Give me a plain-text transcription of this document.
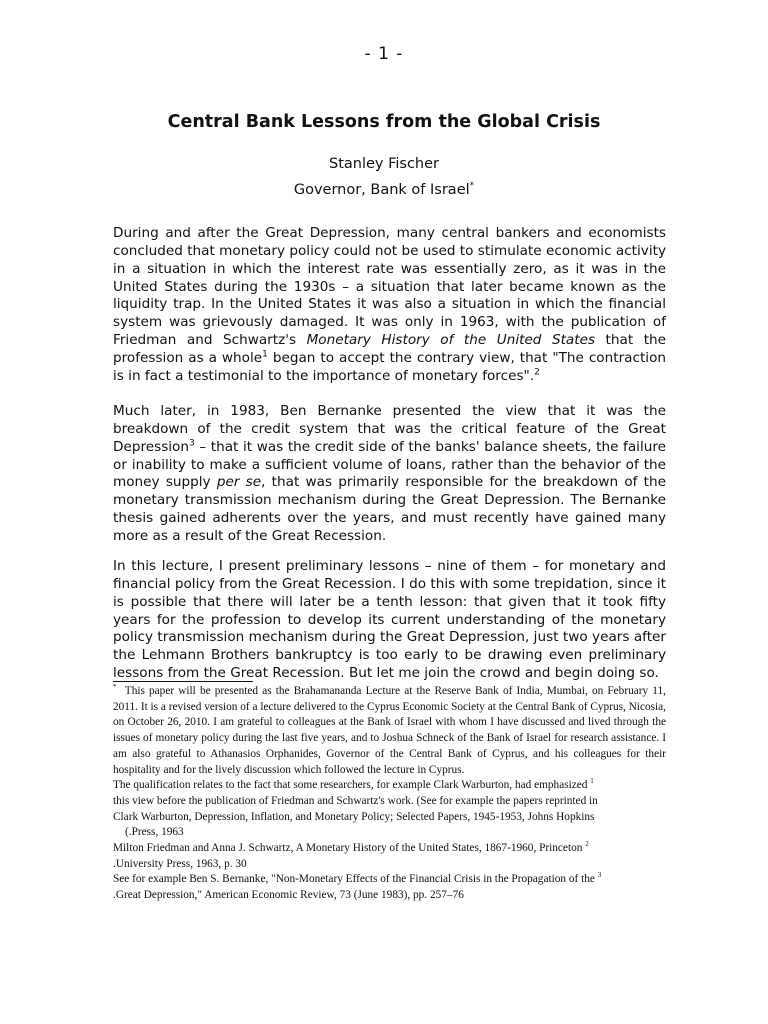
- 1 -
Central Bank Lessons from the Global Crisis
Stanley Fischer
Governor, Bank of Israel*

During and after the Great Depression, many central bankers and economists concluded that monetary policy could not be used to stimulate economic activity in a situation in which the interest rate was essentially zero, as it was in the United States during the 1930s – a situation that later became known as the liquidity trap. In the United States it was also a situation in which the financial system was grievously damaged. It was only in 1963, with the publication of Friedman and Schwartz's Monetary History of the United States that the profession as a whole$^1$ began to accept the contrary view, that "The contraction is in fact a testimonial to the importance of monetary forces".$^2$

Much later, in 1983, Ben Bernanke presented the view that it was the breakdown of the credit system that was the critical feature of the Great Depression$^3$ – that it was the credit side of the banks' balance sheets, the failure or inability to make a sufficient volume of loans, rather than the behavior of the money supply per se, that was primarily responsible for the breakdown of the monetary transmission mechanism during the Great Depression. The Bernanke thesis gained adherents over the years, and must recently have gained many more as a result of the Great Recession.

In this lecture, I present preliminary lessons – nine of them – for monetary and financial policy from the Great Recession. I do this with some trepidation, since it is possible that there will later be a tenth lesson: that given that it took fifty years for the profession to develop its current understanding of the monetary policy transmission mechanism during the Great Depression, just two years after the Lehmann Brothers bankruptcy is too early to be drawing even preliminary lessons from the Great Recession. But let me join the crowd and begin doing so.

* This paper will be presented as the Brahamananda Lecture at the Reserve Bank of India, Mumbai, on February 11, 2011. It is a revised version of a lecture delivered to the Cyprus Economic Society at the Central Bank of Cyprus, Nicosia, on October 26, 2010. I am grateful to colleagues at the Bank of Israel with whom I have discussed and lived through the issues of monetary policy during the last five years, and to Joshua Schneck of the Bank of Israel for research assistance. I am also grateful to Athanasios Orphanides, Governor of the Central Bank of Cyprus, and his colleagues for their hospitality and for the lively discussion which followed the lecture in Cyprus.

The qualification relates to the fact that some researchers, for example Clark Warburton, had emphasized $^1$

this view before the publication of Friedman and Schwartz's work. (See for example the papers reprinted in

Clark Warburton, Depression, Inflation, and Monetary Policy; Selected Papers, 1945-1953, Johns Hopkins

(.Press, 1963

Milton Friedman and Anna J. Schwartz, A Monetary History of the United States, 1867-1960, Princeton $^2$

.University Press, 1963, p. 30

See for example Ben S. Bernanke, "Non-Monetary Effects of the Financial Crisis in the Propagation of the $^3$

.Great Depression," American Economic Review, 73 (June 1983), pp. 257–76
